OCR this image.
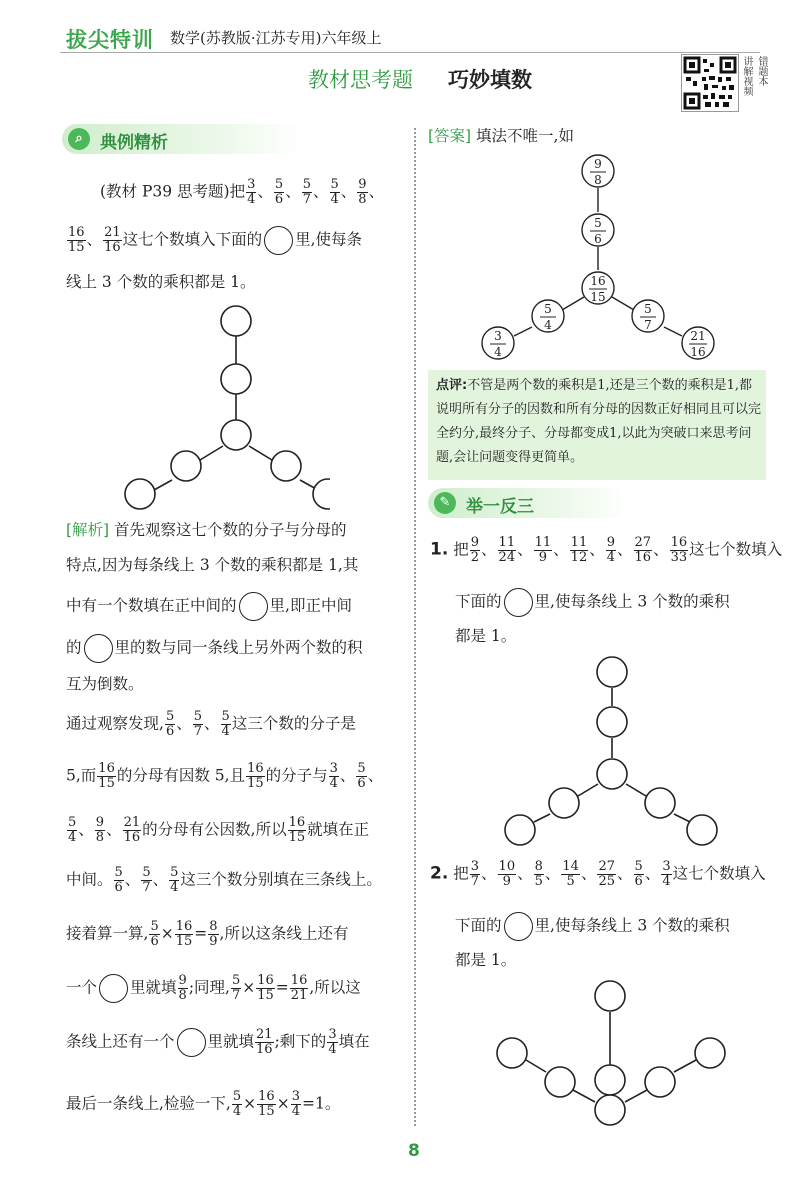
拔尖特训 数学(苏教版·江苏专用)六年级上
教材思考题 巧妙填数	讲解视频 错题本
⌕	典例精析
(教材 P39 思考题)把 $\frac{3}{4}$ 、 $\frac{5}{6}$ 、 $\frac{5}{7}$ 、 $\frac{5}{4}$ 、 $\frac{9}{8}$ 、
$\frac{16}{15}$ 、 $\frac{21}{16}$ 这七个数填入下面的 里,使每条
线上 3 个数的乘积都是 1。
[解析] 首先观察这七个数的分子与分母的
特点,因为每条线上 3 个数的乘积都是 1,其
中有一个数填在正中间的 里,即正中间
的 里的数与同一条线上另外两个数的积
互为倒数。
通过观察发现, $\frac{5}{6}$ 、 $\frac{5}{7}$ 、 $\frac{5}{4}$ 这三个数的分子是
5,而 $\frac{16}{15}$ 的分母有因数 5,且 $\frac{16}{15}$ 的分子与 $\frac{3}{4}$ 、 $\frac{5}{6}$ 、
$\frac{5}{4}$ 、 $\frac{9}{8}$ 、 $\frac{21}{16}$ 的分母有公因数,所以 $\frac{16}{15}$ 就填在正
中间。 $\frac{5}{6}$ 、 $\frac{5}{7}$ 、 $\frac{5}{4}$ 这三个数分别填在三条线上。
接着算一算, $\frac{5}{6} \times \frac{16}{15} = \frac{8}{9}$ ,所以这条线上还有
一个 里就填 $\frac{9}{8}$ ;同理, $\frac{5}{7} \times \frac{16}{15} = \frac{16}{21}$ ,所以这
条线上还有一个 里就填 $\frac{21}{16}$ ;剩下的 $\frac{3}{4}$ 填在
最后一条线上,检验一下, $\frac{5}{4} \times \frac{16}{15} \times \frac{3}{4} =1$。
[答案] 填法不唯一,如
9
8
5
6
16
15
5
4
5
7
3
4
21
16
点评:不管是两个数的乘积是1,还是三个数的乘积是1,都说明所有分子的因数和所有分母的因数正好相同且可以完全约分,最终分子、分母都变成1,以此为突破口来思考问题,会让问题变得更简单。
✎ 举一反三
1. 把 $\frac{9}{2}$ 、 $\frac{11}{24}$ 、 $\frac{11}{9}$ 、 $\frac{11}{12}$ 、 $\frac{9}{4}$ 、 $\frac{27}{16}$ 、 $\frac{16}{33}$ 这七个数填入
下面的 里,使每条线上 3 个数的乘积
都是 1。
2. 把 $\frac{3}{7}$ 、 $\frac{10}{9}$ 、 $\frac{8}{5}$ 、 $\frac{14}{5}$ 、 $\frac{27}{25}$ 、 $\frac{5}{6}$ 、 $\frac{3}{4}$ 这七个数填入
下面的 里,使每条线上 3 个数的乘积
都是 1。
8
